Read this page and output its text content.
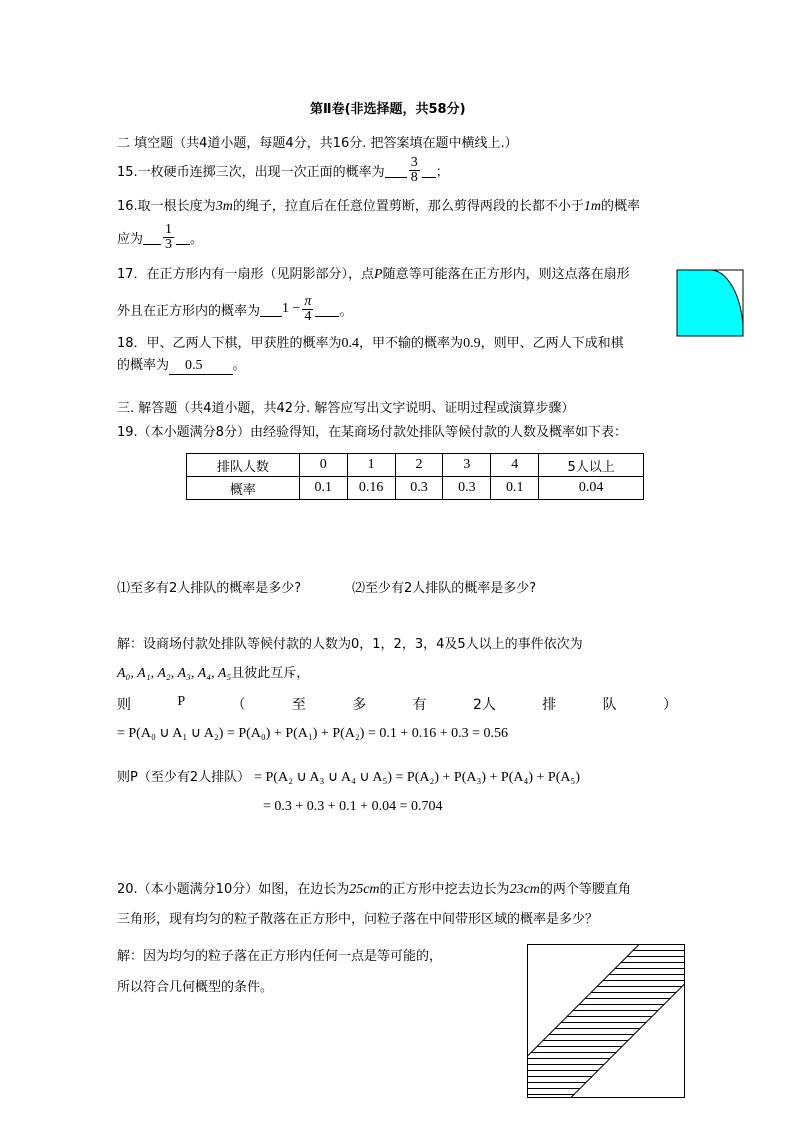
第Ⅱ卷(非选择题，共58分)
二 填空题（共4道小题，每题4分，共16分. 把答案填在题中横线上.）
15.一枚硬币连掷三次，出现一次正面的概率为 $\frac{3}{8}$ ；
16.取一根长度为3m的绳子，拉直后在任意位置剪断，那么剪得两段的长都不小于1m的概率
应为 $\frac{1}{3}$ 。
17．在正方形内有一扇形（见阴影部分），点P随意等可能落在正方形内，则这点落在扇形
外且在正方形内的概率为 $1 - \frac{\pi}{4}$ 。
18．甲、乙两人下棋，甲获胜的概率为0.4，甲不输的概率为0.9，则甲、乙两人下成和棋
的概率为 0.5 。
三. 解答题（共4道小题，共42分. 解答应写出文字说明、证明过程或演算步骤）
19.（本小题满分8分）由经验得知，在某商场付款处排队等候付款的人数及概率如下表：
排队人数	0	1	2	3	4	5人以上
概率	0.1	0.16	0.3	0.3	0.1	0.04
⑴至多有2人排队的概率是多少?	⑵至少有2人排队的概率是多少?
解：设商场付款处排队等候付款的人数为0，1，2，3，4及5人以上的事件依次为
A₀, A₁, A₂, A₃, A₄, A₅且彼此互斥，
则	P	（	至	多	有	2人	排	队	）
= P(A₀ ∪ A₁ ∪ A₂) = P(A₀) + P(A₁) + P(A₂) = 0.1 + 0.16 + 0.3 = 0.56
则P（至少有2人排队） = P(A₂ ∪ A₃ ∪ A₄ ∪ A₅) = P(A₂) + P(A₃) + P(A₄) + P(A₅)
= 0.3 + 0.3 + 0.1 + 0.04 = 0.704
20.（本小题满分10分）如图，在边长为25cm的正方形中挖去边长为23cm的两个等腰直角
三角形，现有均匀的粒子散落在正方形中，问粒子落在中间带形区域的概率是多少？
解：因为均匀的粒子落在正方形内任何一点是等可能的，
所以符合几何概型的条件。
